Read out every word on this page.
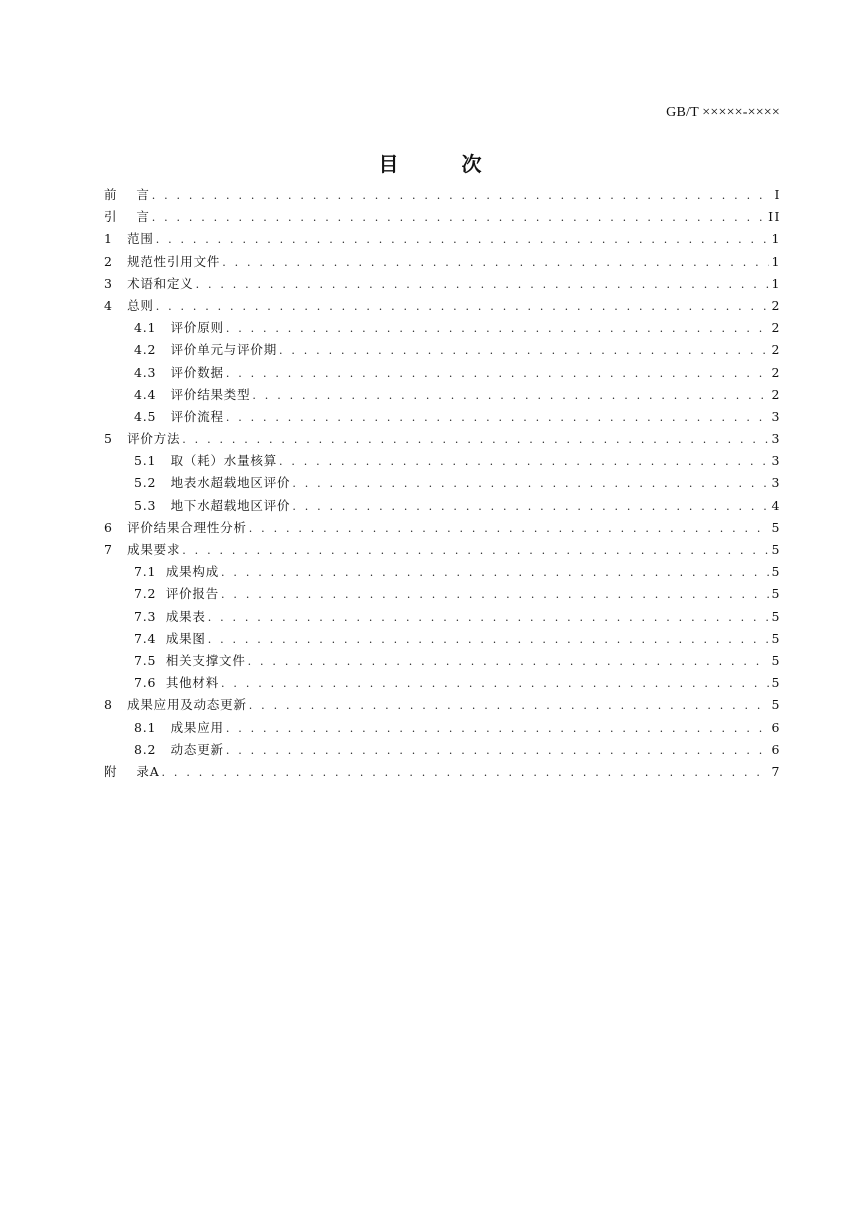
GB/T ×××××-××××
目 次
前    言 . . .	I
引    言 . . .	II
1   范围 . . .	1
2   规范性引用文件 . . .	1
3   术语和定义 . . .	1
4   总则 . . .	2
4.1   评价原则 . . .	2
4.2   评价单元与评价期 . . .	2
4.3   评价数据 . . .	2
4.4   评价结果类型 . . .	2
4.5   评价流程 . . .	3
5   评价方法 . . .	3
5.1   取（耗）水量核算 . . .	3
5.2   地表水超载地区评价 . . .	3
5.3   地下水超载地区评价 . . .	4
6   评价结果合理性分析 . . .	5
7   成果要求 . . .	5
7.1  成果构成 . . .	5
7.2  评价报告 . . .	5
7.3  成果表 . . .	5
7.4  成果图 . . .	5
7.5  相关支撑文件 . . .	5
7.6  其他材料 . . .	5
8   成果应用及动态更新 . . .	5
8.1   成果应用 . . .	6
8.2   动态更新 . . .	6
附    录A . . .	7
